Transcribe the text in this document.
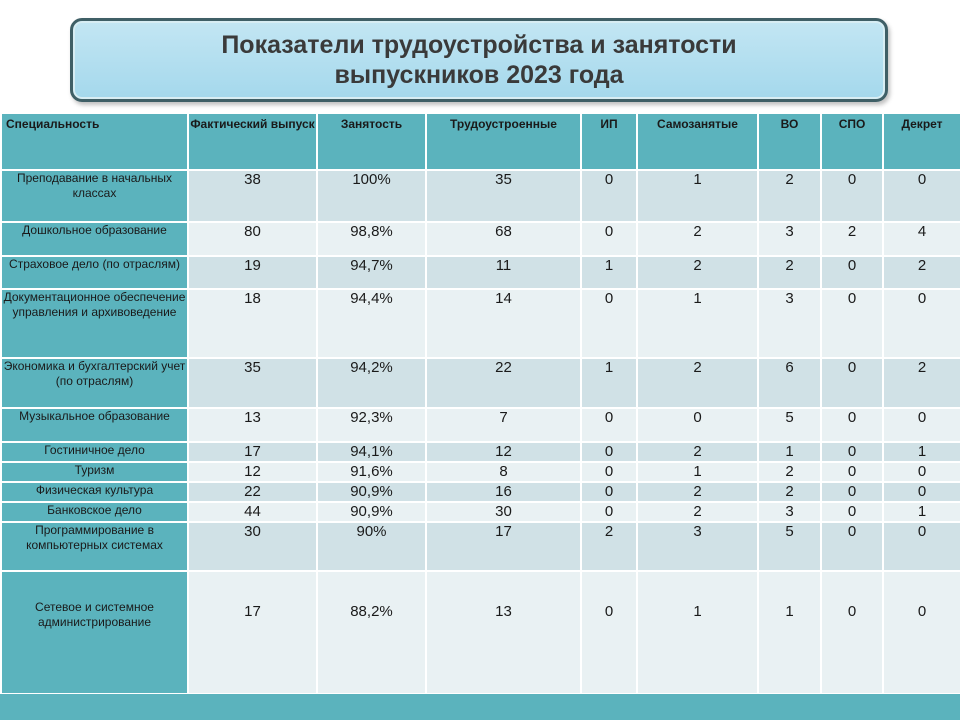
Показатели трудоустройства и занятости
выпускников 2023 года
Специальность	Фактический выпуск	Занятость	Трудоустроенные	ИП	Самозанятые	ВО	СПО	Декрет
Преподавание в начальных классах	38	100%	35	0	1	2	0	0
Дошкольное образование	80	98,8%	68	0	2	3	2	4
Страховое дело (по отраслям)	19	94,7%	11	1	2	2	0	2
Документационное обеспечение управления и архивоведение	18	94,4%	14	0	1	3	0	0
Экономика и бухгалтерский учет (по отраслям)	35	94,2%	22	1	2	6	0	2
Музыкальное образование	13	92,3%	7	0	0	5	0	0
Гостиничное дело	17	94,1%	12	0	2	1	0	1
Туризм	12	91,6%	8	0	1	2	0	0
Физическая культура	22	90,9%	16	0	2	2	0	0
Банковское дело	44	90,9%	30	0	2	3	0	1
Программирование в компьютерных системах	30	90%	17	2	3	5	0	0
Сетевое и системное администрирование	17	88,2%	13	0	1	1	0	0
